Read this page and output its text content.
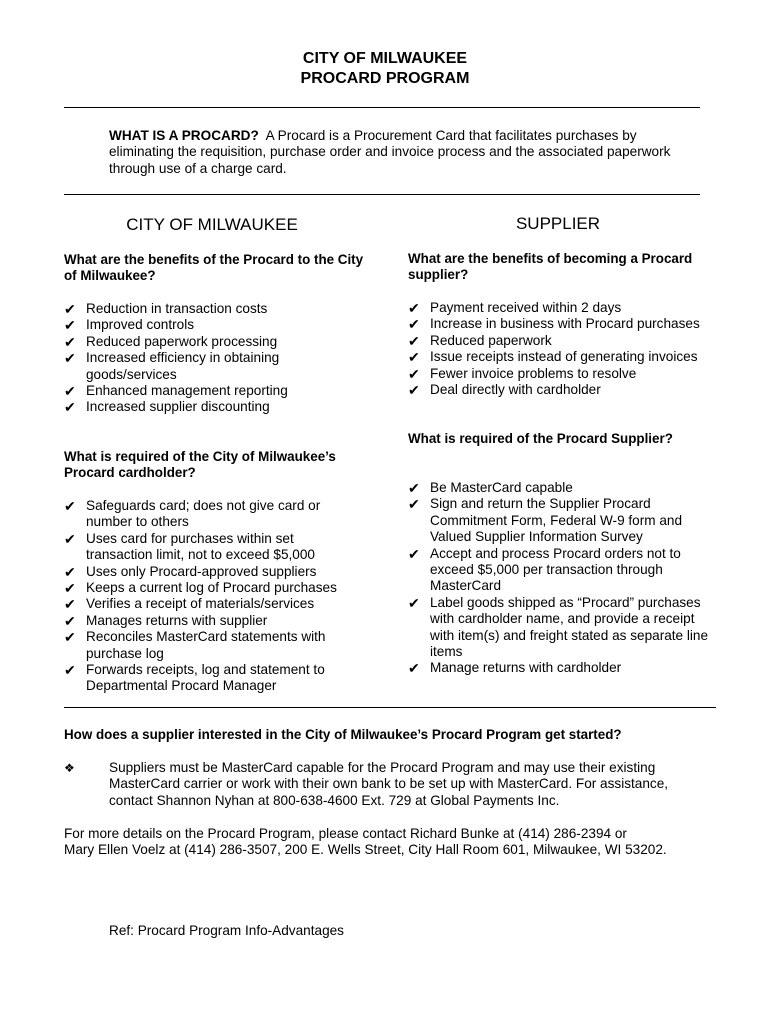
CITY OF MILWAUKEE
PROCARD PROGRAM
WHAT IS A PROCARD? A Procard is a Procurement Card that facilitates purchases by eliminating the requisition, purchase order and invoice process and the associated paperwork through use of a charge card.
CITY OF MILWAUKEE
What are the benefits of the Procard to the City of Milwaukee?
✔ Reduction in transaction costs
✔ Improved controls
✔ Reduced paperwork processing
✔ Increased efficiency in obtaining goods/services
✔ Enhanced management reporting
✔ Increased supplier discounting
What is required of the City of Milwaukee’s Procard cardholder?
✔ Safeguards card; does not give card or number to others
✔ Uses card for purchases within set transaction limit, not to exceed $5,000
✔ Uses only Procard-approved suppliers
✔ Keeps a current log of Procard purchases
✔ Verifies a receipt of materials/services
✔ Manages returns with supplier
✔ Reconciles MasterCard statements with purchase log
✔ Forwards receipts, log and statement to Departmental Procard Manager
SUPPLIER
What are the benefits of becoming a Procard supplier?
✔ Payment received within 2 days
✔ Increase in business with Procard purchases
✔ Reduced paperwork
✔ Issue receipts instead of generating invoices
✔ Fewer invoice problems to resolve
✔ Deal directly with cardholder
What is required of the Procard Supplier?
✔ Be MasterCard capable
✔ Sign and return the Supplier Procard Commitment Form, Federal W-9 form and Valued Supplier Information Survey
✔ Accept and process Procard orders not to exceed $5,000 per transaction through MasterCard
✔ Label goods shipped as “Procard” purchases with cardholder name, and provide a receipt with item(s) and freight stated as separate line items
✔ Manage returns with cardholder
How does a supplier interested in the City of Milwaukee’s Procard Program get started?
❖	Suppliers must be MasterCard capable for the Procard Program and may use their existing MasterCard carrier or work with their own bank to be set up with MasterCard. For assistance, contact Shannon Nyhan at 800-638-4600 Ext. 729 at Global Payments Inc.
For more details on the Procard Program, please contact Richard Bunke at (414) 286-2394 or
Mary Ellen Voelz at (414) 286-3507, 200 E. Wells Street, City Hall Room 601, Milwaukee, WI 53202.
Ref: Procard Program Info-Advantages
